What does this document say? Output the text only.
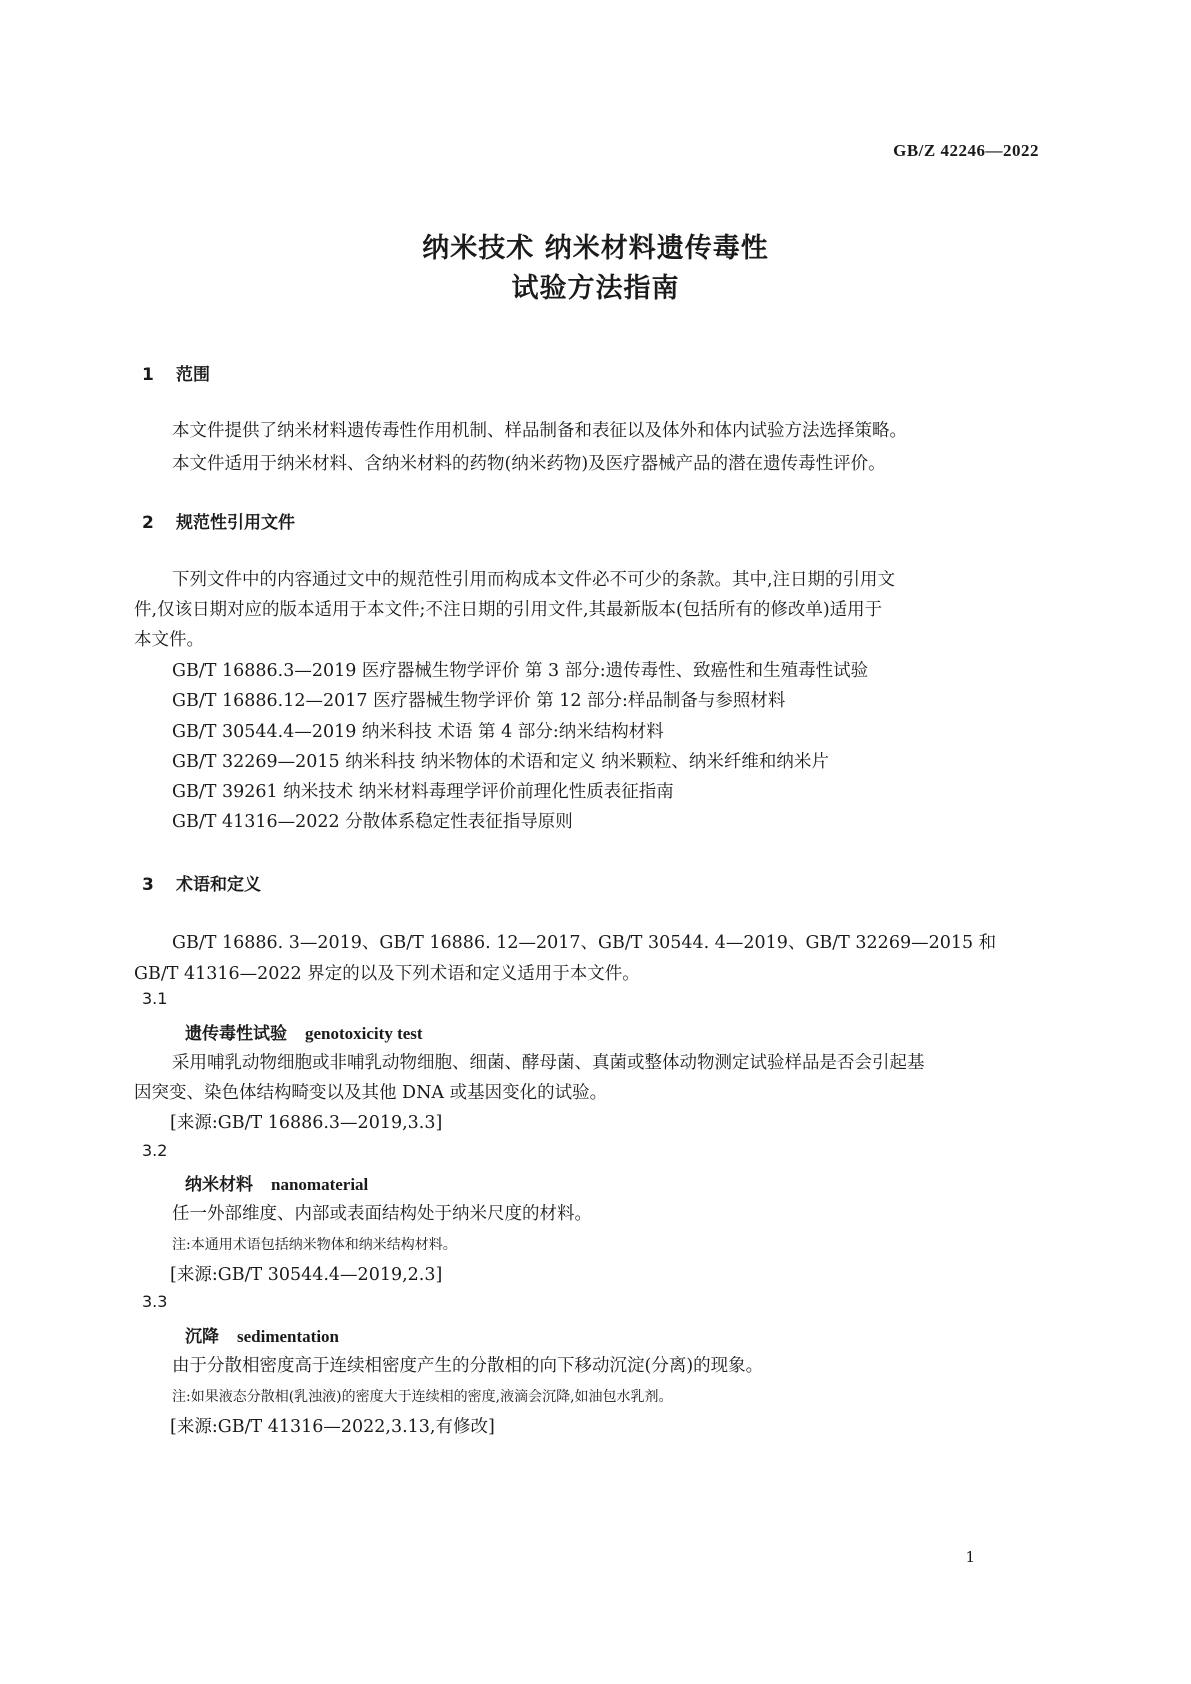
GB/Z 42246—2022
纳米技术 纳米材料遗传毒性
试验方法指南
1 范围
本文件提供了纳米材料遗传毒性作用机制、样品制备和表征以及体外和体内试验方法选择策略。
本文件适用于纳米材料、含纳米材料的药物(纳米药物)及医疗器械产品的潜在遗传毒性评价。
2 规范性引用文件
下列文件中的内容通过文中的规范性引用而构成本文件必不可少的条款。其中,注日期的引用文
件,仅该日期对应的版本适用于本文件;不注日期的引用文件,其最新版本(包括所有的修改单)适用于
本文件。
GB/T 16886.3—2019 医疗器械生物学评价 第 3 部分:遗传毒性、致癌性和生殖毒性试验
GB/T 16886.12—2017 医疗器械生物学评价 第 12 部分:样品制备与参照材料
GB/T 30544.4—2019 纳米科技 术语 第 4 部分:纳米结构材料
GB/T 32269—2015 纳米科技 纳米物体的术语和定义 纳米颗粒、纳米纤维和纳米片
GB/T 39261 纳米技术 纳米材料毒理学评价前理化性质表征指南
GB/T 41316—2022 分散体系稳定性表征指导原则
3 术语和定义
GB/T 16886. 3—2019、GB/T 16886. 12—2017、GB/T 30544. 4—2019、GB/T 32269—2015 和
GB/T 41316—2022 界定的以及下列术语和定义适用于本文件。
3.1
遗传毒性试验 genotoxicity test
采用哺乳动物细胞或非哺乳动物细胞、细菌、酵母菌、真菌或整体动物测定试验样品是否会引起基
因突变、染色体结构畸变以及其他 DNA 或基因变化的试验。
[来源:GB/T 16886.3—2019,3.3]
3.2
纳米材料 nanomaterial
任一外部维度、内部或表面结构处于纳米尺度的材料。
注:本通用术语包括纳米物体和纳米结构材料。
[来源:GB/T 30544.4—2019,2.3]
3.3
沉降 sedimentation
由于分散相密度高于连续相密度产生的分散相的向下移动沉淀(分离)的现象。
注:如果液态分散相(乳浊液)的密度大于连续相的密度,液滴会沉降,如油包水乳剂。
[来源:GB/T 41316—2022,3.13,有修改]
1
